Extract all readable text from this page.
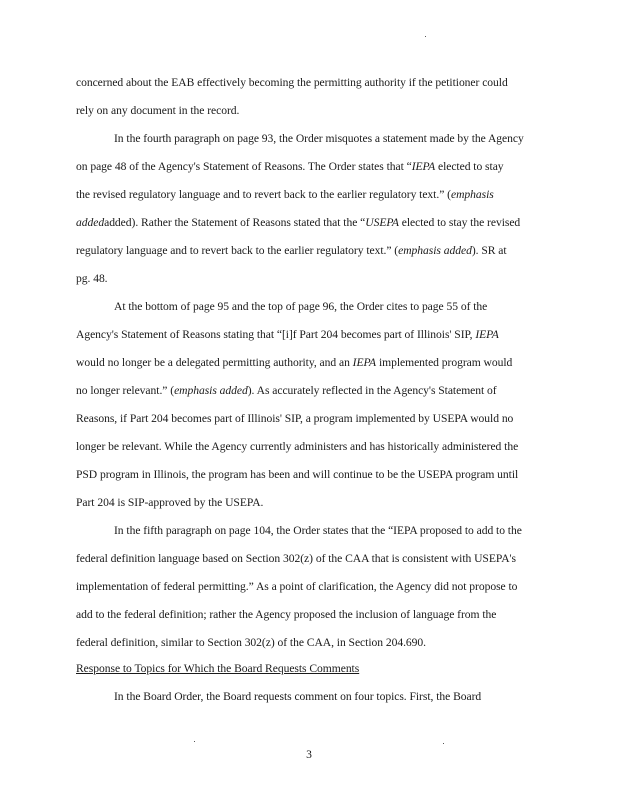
concerned about the EAB effectively becoming the permitting authority if the petitioner could
rely on any document in the record.
In the fourth paragraph on page 93, the Order misquotes a statement made by the Agency
on page 48 of the Agency's Statement of Reasons. The Order states that “IEPA elected to stay
the revised regulatory language and to revert back to the earlier regulatory text.” (emphasis
addedadded). Rather the Statement of Reasons stated that the “USEPA elected to stay the revised
regulatory language and to revert back to the earlier regulatory text.” (emphasis added). SR at
pg. 48.
At the bottom of page 95 and the top of page 96, the Order cites to page 55 of the
Agency's Statement of Reasons stating that “[i]f Part 204 becomes part of Illinois' SIP, IEPA
would no longer be a delegated permitting authority, and an IEPA implemented program would
no longer relevant.” (emphasis added). As accurately reflected in the Agency's Statement of
Reasons, if Part 204 becomes part of Illinois' SIP, a program implemented by USEPA would no
longer be relevant. While the Agency currently administers and has historically administered the
PSD program in Illinois, the program has been and will continue to be the USEPA program until
Part 204 is SIP-approved by the USEPA.
In the fifth paragraph on page 104, the Order states that the “IEPA proposed to add to the
federal definition language based on Section 302(z) of the CAA that is consistent with USEPA's
implementation of federal permitting.” As a point of clarification, the Agency did not propose to
add to the federal definition; rather the Agency proposed the inclusion of language from the
federal definition, similar to Section 302(z) of the CAA, in Section 204.690.
Response to Topics for Which the Board Requests Comments
In the Board Order, the Board requests comment on four topics. First, the Board
3
